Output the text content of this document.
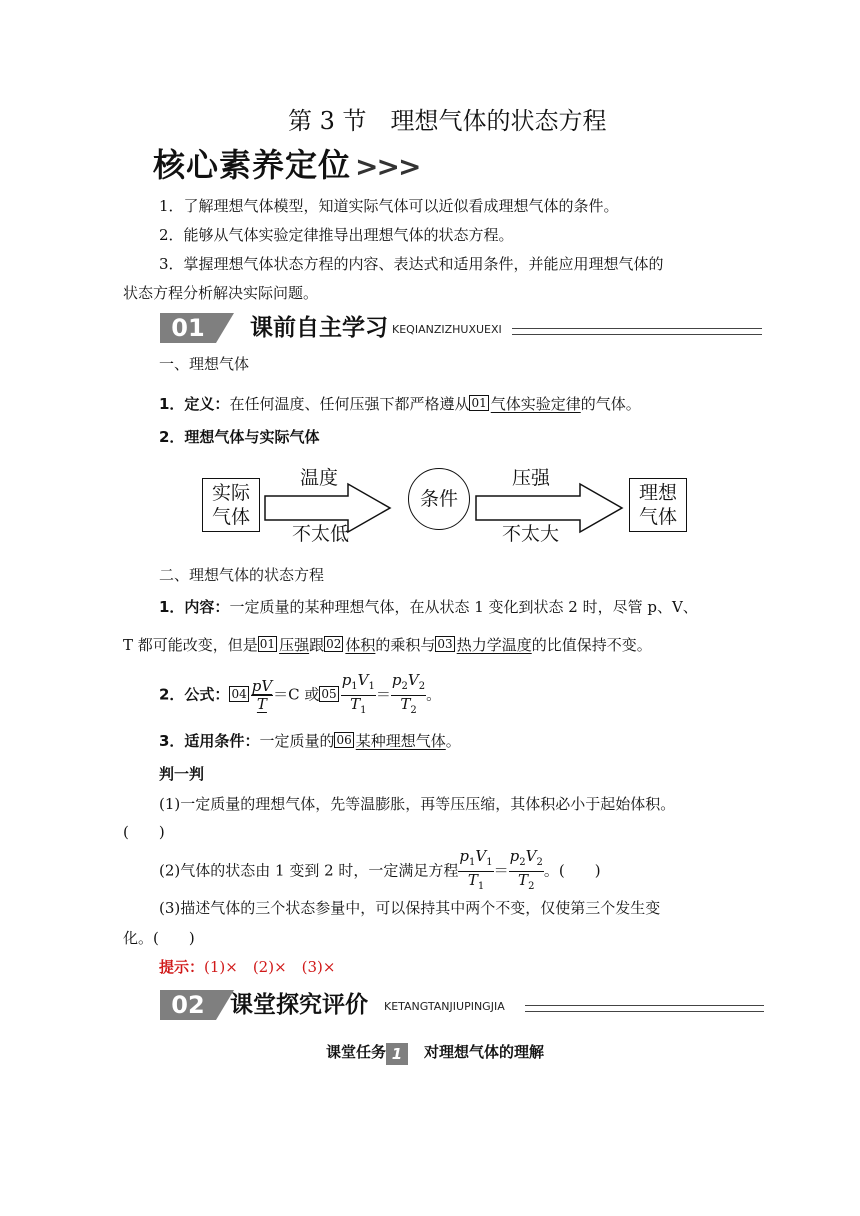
第 3 节　理想气体的状态方程
核心素养定位 >>>
1．了解理想气体模型，知道实际气体可以近似看成理想气体的条件。
2．能够从气体实验定律推导出理想气体的状态方程。
3．掌握理想气体状态方程的内容、表达式和适用条件，并能应用理想气体的
状态方程分析解决实际问题。
01	课前自主学习 KEQIANZIZHUXUEXI
一、理想气体
1．定义：在任何温度、任何压强下都严格遵从 01 气体实验定律的气体。
2．理想气体与实际气体
实际
气体
温度
不太低
条件
压强
不太大
理想
气体
二、理想气体的状态方程
1．内容：一定质量的某种理想气体，在从状态 1 变化到状态 2 时，尽管 p、V、
T 都可能改变，但是 01 压强跟 02 体积的乘积与 03 热力学温度的比值保持不变。
2．公式： $04 \frac{pV}{T} =C$ 或 $05 \frac{p_1V_1}{T_1} = \frac{p_2V_2}{T_2}$ 。
3．适用条件：一定质量的 06 某种理想气体。
判一判
(1)一定质量的理想气体，先等温膨胀，再等压压缩，其体积必小于起始体积。
(　　)
(2)气体的状态由 1 变到 2 时，一定满足方程 $\frac{p_1V_1}{T_1} = \frac{p_2V_2}{T_2}$ 。(　　)
(3)描述气体的三个状态参量中，可以保持其中两个不变，仅使第三个发生变
化。(　　)
提示：(1)×　(2)×　(3)×
02	课堂探究评价 KETANGTANJIUPINGJIA
课堂任务 1 对理想气体的理解
